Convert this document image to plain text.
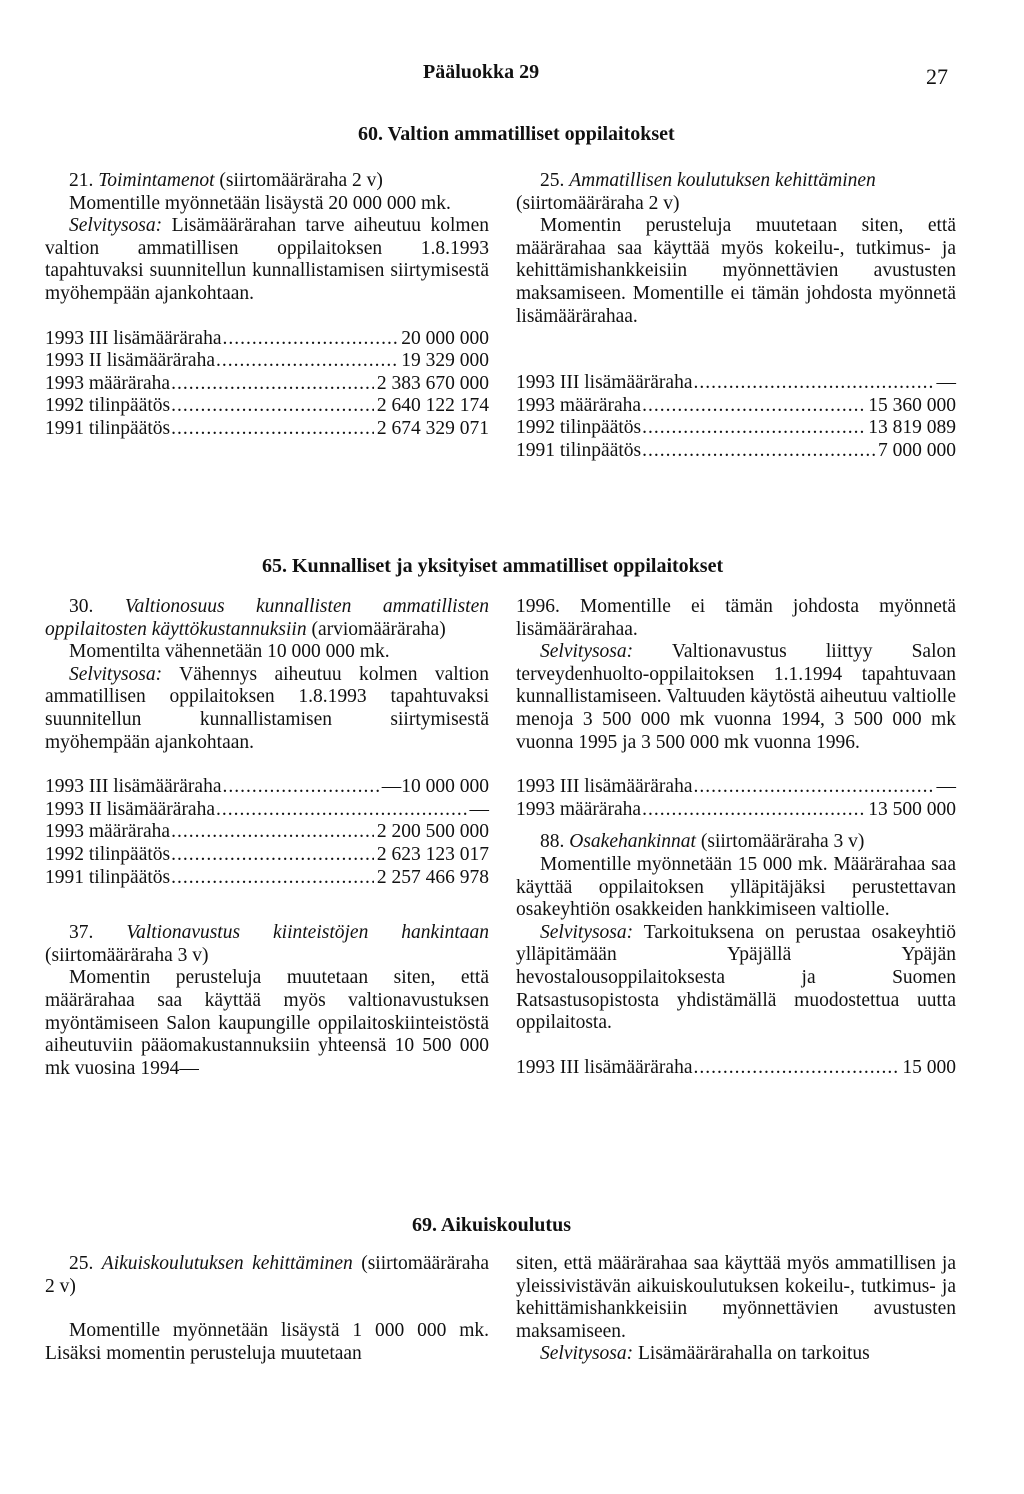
Pääluokka 29	27
60. Valtion ammatilliset oppilaitokset

21. Toimintamenot (siirtomääräraha 2 v)

Momentille myönnetään lisäystä 20 000 000 mk.

Selvitysosa: Lisämäärärahan tarve aiheutuu kolmen valtion ammatillisen oppilaitoksen 1.8.1993 tapahtuvaksi suunnitellun kunnallistamisen siirtymisestä myöhempään ajankohtaan.

1993 III lisämääräraha .....	20 000 000
1993 II lisämääräraha .....	19 329 000
1993 määräraha .....	2 383 670 000
1992 tilinpäätös .....	2 640 122 174
1991 tilinpäätös .....	2 674 329 071

25. Ammatillisen koulutuksen kehittäminen
(siirtomääräraha 2 v)

Momentin perusteluja muutetaan siten, että määrärahaa saa käyttää myös kokeilu-, tutkimus- ja kehittämishankkeisiin myönnettävien avustusten maksamiseen. Momentille ei tämän johdosta myönnetä lisämäärärahaa.

1993 III lisämääräraha .....	—
1993 määräraha .....	15 360 000
1992 tilinpäätös .....	13 819 089
1991 tilinpäätös .....	7 000 000
65. Kunnalliset ja yksityiset ammatilliset oppilaitokset

30. Valtionosuus kunnallisten ammatillisten oppilaitosten käyttökustannuksiin (arviomääräraha)

Momentilta vähennetään 10 000 000 mk.

Selvitysosa: Vähennys aiheutuu kolmen valtion ammatillisen oppilaitoksen 1.8.1993 tapahtuvaksi suunnitellun kunnallistamisen siirtymisestä myöhempään ajankohtaan.

1993 III lisämääräraha .....	—10 000 000
1993 II lisämääräraha .....	—
1993 määräraha .....	2 200 500 000
1992 tilinpäätös .....	2 623 123 017
1991 tilinpäätös .....	2 257 466 978

37. Valtionavustus kiinteistöjen hankintaan (siirtomääräraha 3 v)

Momentin perusteluja muutetaan siten, että määrärahaa saa käyttää myös valtionavustuksen myöntämiseen Salon kaupungille oppilaitoskiinteistöstä aiheutuviin pääomakustannuksiin yhteensä 10 500 000 mk vuosina 1994—

1996. Momentille ei tämän johdosta myönnetä lisämäärärahaa.

Selvitysosa: Valtionavustus liittyy Salon terveydenhuolto-oppilaitoksen 1.1.1994 tapahtuvaan kunnallistamiseen. Valtuuden käytöstä aiheutuu valtiolle menoja 3 500 000 mk vuonna 1994, 3 500 000 mk vuonna 1995 ja 3 500 000 mk vuonna 1996.

1993 III lisämääräraha .....	—
1993 määräraha .....	13 500 000

88. Osakehankinnat (siirtomääräraha 3 v)

Momentille myönnetään 15 000 mk. Määrärahaa saa käyttää oppilaitoksen ylläpitäjäksi perustettavan osakeyhtiön osakkeiden hankkimiseen valtiolle.

Selvitysosa: Tarkoituksena on perustaa osakeyhtiö ylläpitämään Ypäjällä Ypäjän hevostalousoppilaitoksesta ja Suomen Ratsastusopistosta yhdistämällä muodostettua uutta oppilaitosta.

1993 III lisämääräraha .....	15 000
69. Aikuiskoulutus

25. Aikuiskoulutuksen kehittäminen (siirtomääräraha 2 v)

Momentille myönnetään lisäystä 1 000 000 mk. Lisäksi momentin perusteluja muutetaan

siten, että määrärahaa saa käyttää myös ammatillisen ja yleissivistävän aikuiskoulutuksen kokeilu-, tutkimus- ja kehittämishankkeisiin myönnettävien avustusten maksamiseen.

Selvitysosa: Lisämäärärahalla on tarkoitus
